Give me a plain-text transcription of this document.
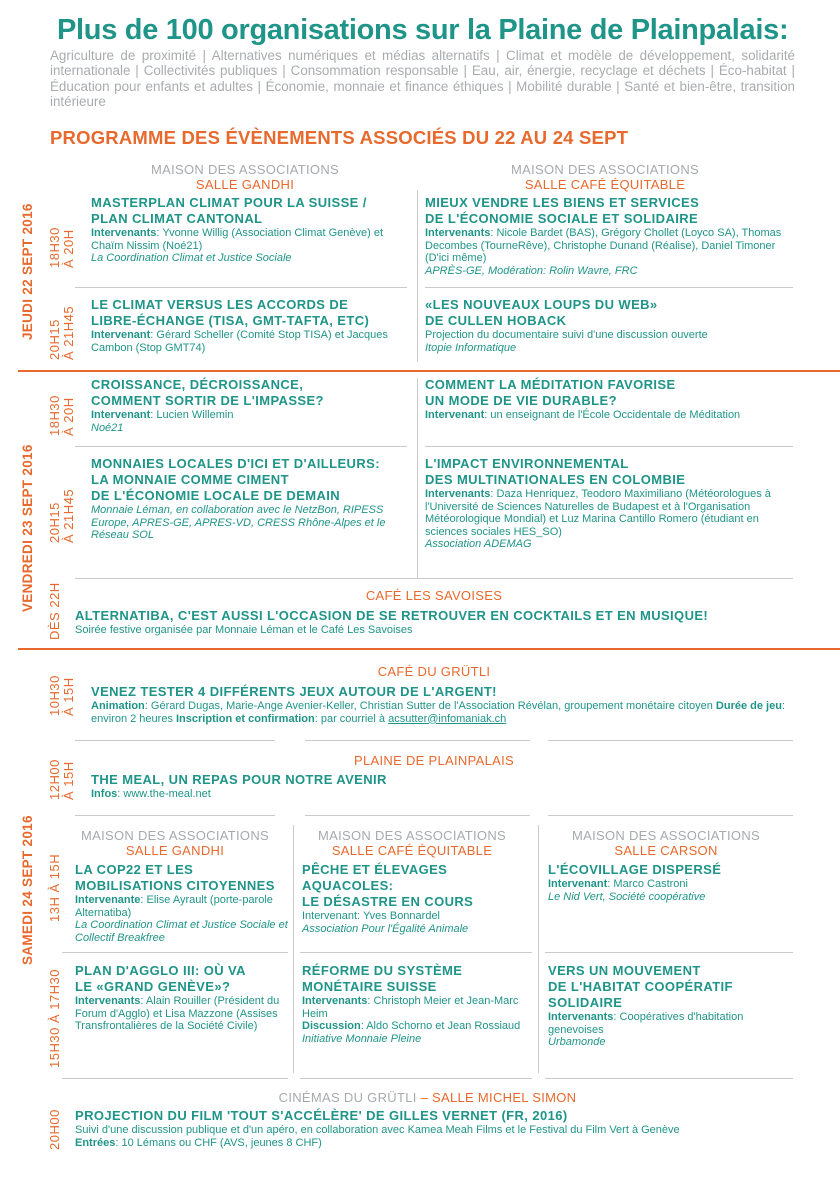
Plus de 100 organisations sur la Plaine de Plainpalais:
Agriculture de proximité | Alternatives numériques et médias alternatifs | Climat et modèle de développement, solidarité internationale | Collectivités publiques | Consommation responsable | Eau, air, énergie, recyclage et déchets | Éco-habitat | Éducation pour enfants et adultes | Économie, monnaie et finance éthiques | Mobilité durable | Santé et bien-être, transition intérieure
PROGRAMME DES ÉVÈNEMENTS ASSOCIÉS DU 22 AU 24 SEPT
JEUDI 22 SEPT 2016
VENDREDI 23 SEPT 2016
SAMEDI 24 SEPT 2016
MAISON DES ASSOCIATIONS
SALLE GANDHI
MAISON DES ASSOCIATIONS
SALLE CAFÉ ÉQUITABLE
18H30 À 20H
MASTERPLAN CLIMAT POUR LA SUISSE /
PLAN CLIMAT CANTONAL
Intervenants: Yvonne Willig (Association Climat Genève) et Chaïm Nissim (Noé21)
La Coordination Climat et Justice Sociale
MIEUX VENDRE LES BIENS ET SERVICES
DE L'ÉCONOMIE SOCIALE ET SOLIDAIRE
Intervenants: Nicole Bardet (BAS), Grégory Chollet (Loyco SA), Thomas Decombes (TourneRêve), Christophe Dunand (Réalise), Daniel Timoner (D'ici même)
APRÈS-GE, Modération: Rolin Wavre, FRC
20H15 À 21H45
LE CLIMAT VERSUS LES ACCORDS DE
LIBRE-ÉCHANGE (TISA, GMT-TAFTA, ETC)
Intervenant: Gérard Scheller (Comité Stop TISA) et Jacques Cambon (Stop GMT74)
«LES NOUVEAUX LOUPS DU WEB»
DE CULLEN HOBACK
Projection du documentaire suivi d'une discussion ouverte
Itopie Informatique
18H30 À 20H
CROISSANCE, DÉCROISSANCE,
COMMENT SORTIR DE L'IMPASSE?
Intervenant: Lucien Willemin
Noé21
COMMENT LA MÉDITATION FAVORISE
UN MODE DE VIE DURABLE?
Intervenant: un enseignant de l'École Occidentale de Méditation
20H15 À 21H45
MONNAIES LOCALES D'ICI ET D'AILLEURS:
LA MONNAIE COMME CIMENT
DE L'ÉCONOMIE LOCALE DE DEMAIN
Monnaie Léman, en collaboration avec le NetzBon, RIPESS Europe, APRES-GE, APRES-VD, CRESS Rhône-Alpes et le Réseau SOL
L'IMPACT ENVIRONNEMENTAL
DES MULTINATIONALES EN COLOMBIE
Intervenants: Daza Henriquez, Teodoro Maximiliano (Météorologues à l'Université de Sciences Naturelles de Budapest et à l'Organisation Météorologique Mondial) et Luz Marina Cantillo Romero (étudiant en sciences sociales HES_SO)
Association ADEMAG
DÈS 22H	CAFÉ LES SAVOISES
ALTERNATIBA, C'EST AUSSI L'OCCASION DE SE RETROUVER EN COCKTAILS ET EN MUSIQUE!
Soirée festive organisée par Monnaie Léman et le Café Les Savoises
CAFÉ DU GRÜTLI
10H30 À 15H VENEZ TESTER 4 DIFFÉRENTS JEUX AUTOUR DE L'ARGENT!
Animation: Gérard Dugas, Marie-Ange Avenier-Keller, Christian Sutter de l'Association Révélan, groupement monétaire citoyen Durée de jeu: environ 2 heures Inscription et confirmation: par courriel à acsutter@infomaniak.ch
PLAINE DE PLAINPALAIS
12H00 À 15H THE MEAL, UN REPAS POUR NOTRE AVENIR
Infos: www.the-meal.net
MAISON DES ASSOCIATIONS
SALLE GANDHI
MAISON DES ASSOCIATIONS
SALLE CAFÉ ÉQUITABLE
MAISON DES ASSOCIATIONS
SALLE CARSON
13H À 15H LA COP22 ET LES
MOBILISATIONS CITOYENNES
Intervenante: Elise Ayrault (porte-parole Alternatiba)
La Coordination Climat et Justice Sociale et Collectif Breakfree
PÊCHE ET ÉLEVAGES
AQUACOLES:
LE DÉSASTRE EN COURS
Intervenant: Yves Bonnardel
Association Pour l'Égalité Animale
L'ÉCOVILLAGE DISPERSÉ
Intervenant: Marco Castroni
Le Nid Vert, Société coopérative
15H30 À 17H30 PLAN D'AGGLO III: OÙ VA
LE «GRAND GENÈVE»?
Intervenants: Alain Rouiller (Président du Forum d'Agglo) et Lisa Mazzone (Assises Transfrontalières de la Société Civile)
RÉFORME DU SYSTÈME
MONÉTAIRE SUISSE
Intervenants: Christoph Meier et Jean-Marc Heim
Discussion: Aldo Schorno et Jean Rossiaud
Initiative Monnaie Pleine
VERS UN MOUVEMENT
DE L'HABITAT COOPÉRATIF
SOLIDAIRE
Intervenants: Coopératives d'habitation genevoises
Urbamonde
CINÉMAS DU GRÜTLI – SALLE MICHEL SIMON
20H00 PROJECTION DU FILM 'TOUT S'ACCÉLÈRE' DE GILLES VERNET (FR, 2016)
Suivi d'une discussion publique et d'un apéro, en collaboration avec Kamea Meah Films et le Festival du Film Vert à Genève
Entrées: 10 Lémans ou CHF (AVS, jeunes 8 CHF)
